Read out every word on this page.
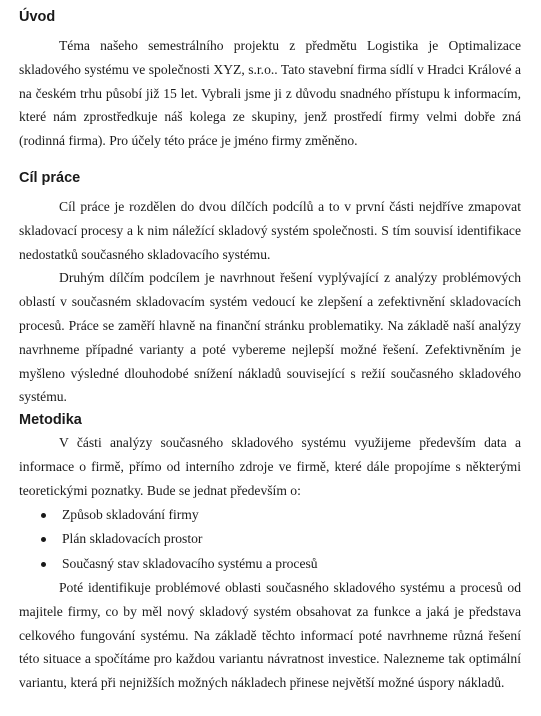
Úvod

Téma našeho semestrálního projektu z předmětu Logistika je Optimalizace skladového systému ve společnosti XYZ, s.r.o.. Tato stavební firma sídlí v Hradci Králové a na českém trhu působí již 15 let. Vybrali jsme ji z důvodu snadného přístupu k informacím, které nám zprostředkuje náš kolega ze skupiny, jenž prostředí firmy velmi dobře zná (rodinná firma). Pro účely této práce je jméno firmy změněno.

Cíl práce

Cíl práce je rozdělen do dvou dílčích podcílů a to v první části nejdříve zmapovat skladovací procesy a k nim náležící skladový systém společnosti. S tím souvisí identifikace nedostatků současného skladovacího systému.

Druhým dílčím podcílem je navrhnout řešení vyplývající z analýzy problémových oblastí v současném skladovacím systém vedoucí ke zlepšení a zefektivnění skladovacích procesů. Práce se zaměří hlavně na finanční stránku problematiky. Na základě naší analýzy navrhneme případné varianty a poté vybereme nejlepší možné řešení. Zefektivněním je myšleno výsledné dlouhodobé snížení nákladů související s režií současného skladového systému.

Metodika

V části analýzy současného skladového systému využijeme především data a informace o firmě, přímo od interního zdroje ve firmě, které dále propojíme s některými teoretickými poznatky. Bude se jednat především o:

Způsob skladování firmy
Plán skladovacích prostor
Současný stav skladovacího systému a procesů

Poté identifikuje problémové oblasti současného skladového systému a procesů od majitele firmy, co by měl nový skladový systém obsahovat za funkce a jaká je představa celkového fungování systému. Na základě těchto informací poté navrhneme různá řešení této situace a spočítáme pro každou variantu návratnost investice. Nalezneme tak optimální variantu, která při nejnižších možných nákladech přinese největší možné úspory nákladů.
